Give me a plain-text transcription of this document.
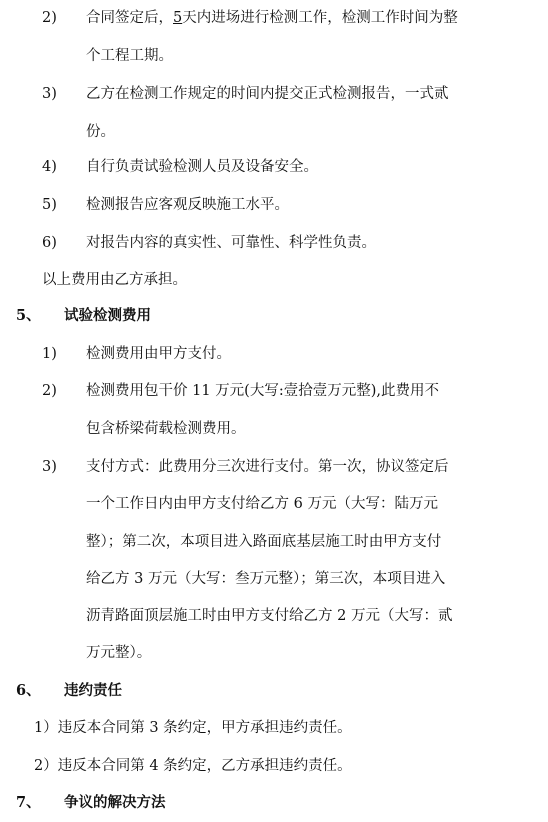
2) 合同签定后，5天内进场进行检测工作，检测工作时间为整
个工程工期。
3) 乙方在检测工作规定的时间内提交正式检测报告，一式贰
份。
4) 自行负责试验检测人员及设备安全。
5) 检测报告应客观反映施工水平。
6) 对报告内容的真实性、可靠性、科学性负责。
以上费用由乙方承担。
5、 试验检测费用
1) 检测费用由甲方支付。
2) 检测费用包干价 11 万元(大写:壹拾壹万元整),此费用不
包含桥梁荷载检测费用。
3) 支付方式：此费用分三次进行支付。第一次，协议签定后
一个工作日内由甲方支付给乙方 6 万元（大写：陆万元
整）；第二次，本项目进入路面底基层施工时由甲方支付
给乙方 3 万元（大写：叁万元整）；第三次，本项目进入
沥青路面顶层施工时由甲方支付给乙方 2 万元（大写：贰
万元整）。
6、 违约责任
1）违反本合同第 3 条约定，甲方承担违约责任。
2）违反本合同第 4 条约定，乙方承担违约责任。
7、 争议的解决方法
